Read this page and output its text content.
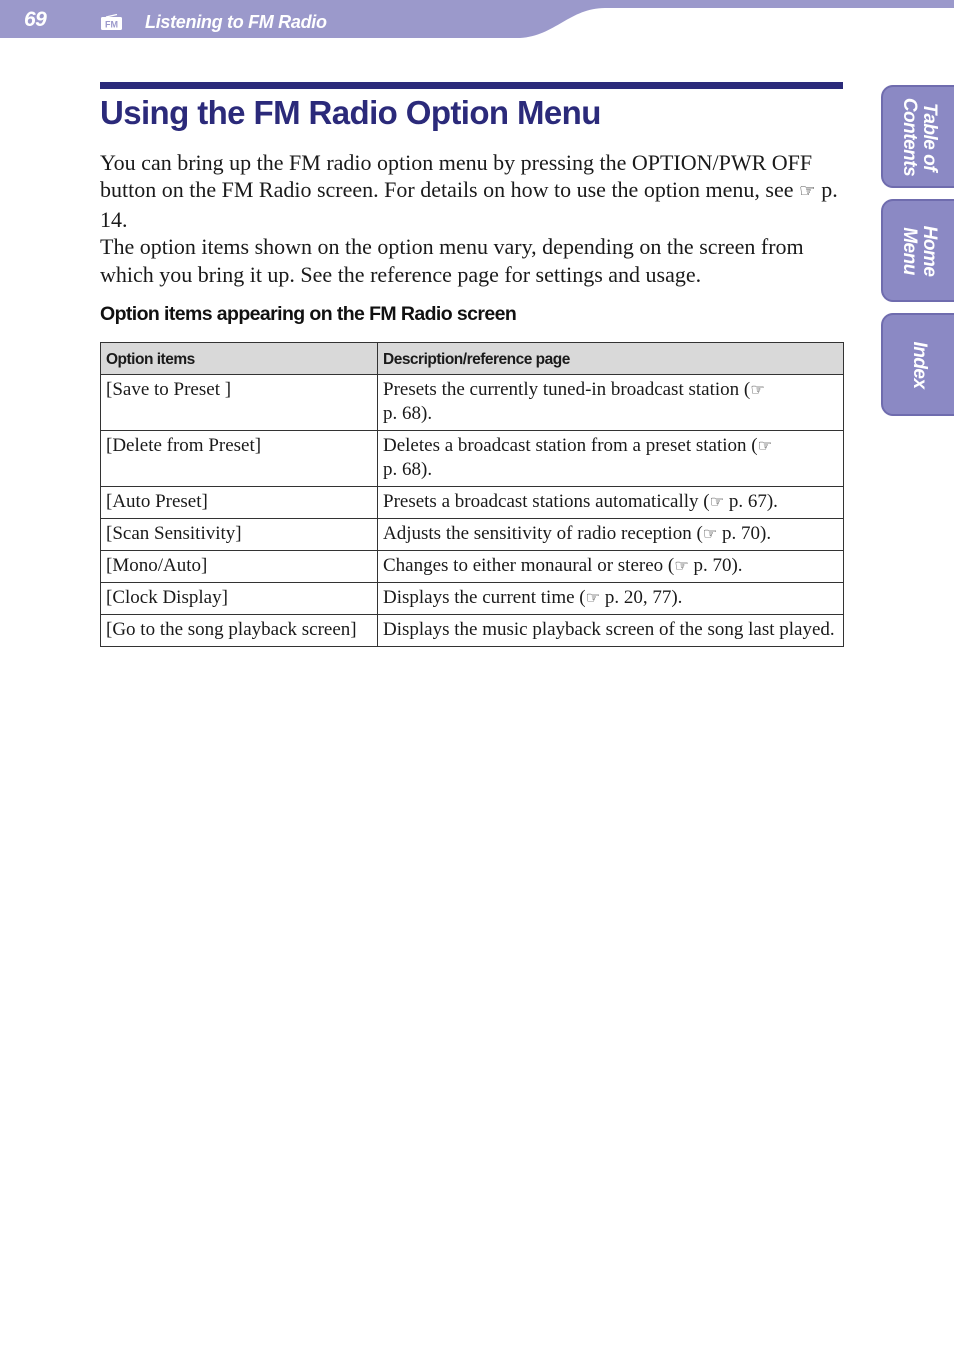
69	FM Listening to FM Radio
Table of
Contents
Home
Menu
Index
Using the FM Radio Option Menu

You can bring up the FM radio option menu by pressing the OPTION/PWR OFF button on the FM Radio screen. For details on how to use the option menu, see ☞ p. 14.

The option items shown on the option menu vary, depending on the screen from which you bring it up. See the reference page for settings and usage.

Option items appearing on the FM Radio screen
Option items	Description/reference page
[Save to Preset ]	Presets the currently tuned-in broadcast station (☞
p. 68).
[Delete from Preset]	Deletes a broadcast station from a preset station (☞
p. 68).
[Auto Preset]	Presets a broadcast stations automatically (☞ p. 67).
[Scan Sensitivity]	Adjusts the sensitivity of radio reception (☞ p. 70).
[Mono/Auto]	Changes to either monaural or stereo (☞ p. 70).
[Clock Display]	Displays the current time (☞ p. 20, 77).
[Go to the song playback screen]	Displays the music playback screen of the song last played.
